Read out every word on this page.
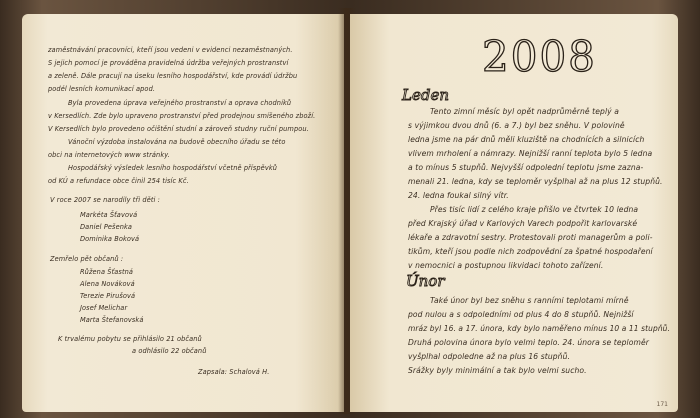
zaměstnávání pracovníci, kteří jsou vedeni v evidenci nezaměstnaných.
S jejich pomocí je prováděna pravidelná údržba veřejných prostranství
a zeleně. Dále pracují na úseku lesního hospodářství, kde provádí údržbu
podél lesních komunikací apod.
Byla provedena úprava veřejného prostranství a oprava chodníků
v Kersedlích. Zde bylo upraveno prostranství před prodejnou smíšeného zboží.
V Kersedlích bylo provedeno očištění studní a zároveň studny ruční pumpou.
Vánoční výzdoba instalována na budově obecního úřadu se této
obci na internetových www stránky.
Hospodářský výsledek lesního hospodářství včetně příspěvků
od KÚ a refundace obce činil 254 tisíc Kč.
V roce 2007 se narodily tři děti :
Markéta Šťavová
Daniel Pešenka
Dominika Boková
Zemřelo pět občanů :
Růžena Šťastná
Alena Nováková
Terezie Pirušová
Josef Melichar
Marta Štefanovská
K trvalému pobytu se přihlásilo 21 občanů
a odhlásilo 22 občanů
Zapsala: Schalová H.
2008
Leden
Tento zimní měsíc byl opět nadprůměrně teplý a
s výjimkou dvou dnů (6. a 7.) byl bez sněhu. V polovině
ledna jsme na pár dnů měli kluziště na chodnících a silnicích
vlivem mrholení a námrazy. Nejnižší ranní teplota bylo 5 ledna
a to mínus 5 stupňů. Nejvyšší odpolední teplotu jsme zazna-
menali 21. ledna, kdy se teploměr vyšplhal až na plus 12 stupňů.
24. ledna foukal silný vítr.
Přes tisíc lidí z celého kraje přišlo ve čtvrtek 10 ledna
před Krajský úřad v Karlových Varech podpořit karlovarské
lékaře a zdravotní sestry. Protestovali proti managerům a poli-
tikům, kteří jsou podle nich zodpovědní za špatné hospodaření
v nemocnici a postupnou likvidaci tohoto zařízení.
Únor
Také únor byl bez sněhu s ranními teplotami mírně
pod nulou a s odpoledními od plus 4 do 8 stupňů. Nejnižší
mráz byl 16. a 17. února, kdy bylo naměřeno mínus 10 a 11 stupňů.
Druhá polovina února bylo velmi teplo. 24. února se teploměr
vyšplhal odpoledne až na plus 16 stupňů.
Srážky byly minimální a tak bylo velmi sucho.
171
